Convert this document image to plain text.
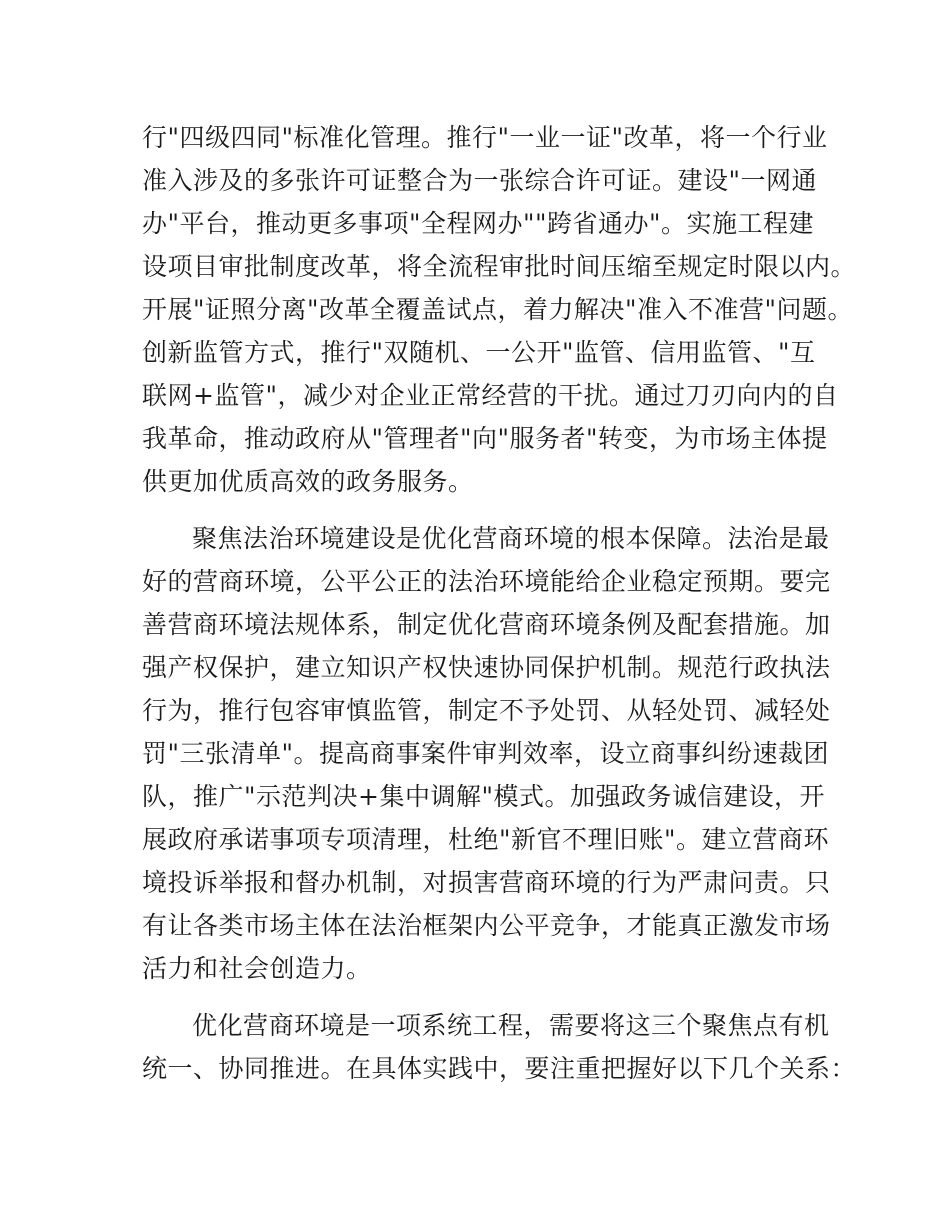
行"四级四同"标准化管理。推行"一业一证"改革，将一个行业
准入涉及的多张许可证整合为一张综合许可证。建设"一网通
办"平台，推动更多事项"全程网办""跨省通办"。实施工程建
设项目审批制度改革，将全流程审批时间压缩至规定时限以内。
开展"证照分离"改革全覆盖试点，着力解决"准入不准营"问题。
创新监管方式，推行"双随机、一公开"监管、信用监管、"互
联网+监管"，减少对企业正常经营的干扰。通过刀刃向内的自
我革命，推动政府从"管理者"向"服务者"转变，为市场主体提
供更加优质高效的政务服务。
聚焦法治环境建设是优化营商环境的根本保障。法治是最
好的营商环境，公平公正的法治环境能给企业稳定预期。要完
善营商环境法规体系，制定优化营商环境条例及配套措施。加
强产权保护，建立知识产权快速协同保护机制。规范行政执法
行为，推行包容审慎监管，制定不予处罚、从轻处罚、减轻处
罚"三张清单"。提高商事案件审判效率，设立商事纠纷速裁团
队，推广"示范判决+集中调解"模式。加强政务诚信建设，开
展政府承诺事项专项清理，杜绝"新官不理旧账"。建立营商环
境投诉举报和督办机制，对损害营商环境的行为严肃问责。只
有让各类市场主体在法治框架内公平竞争，才能真正激发市场
活力和社会创造力。
优化营商环境是一项系统工程，需要将这三个聚焦点有机
统一、协同推进。在具体实践中，要注重把握好以下几个关系：
